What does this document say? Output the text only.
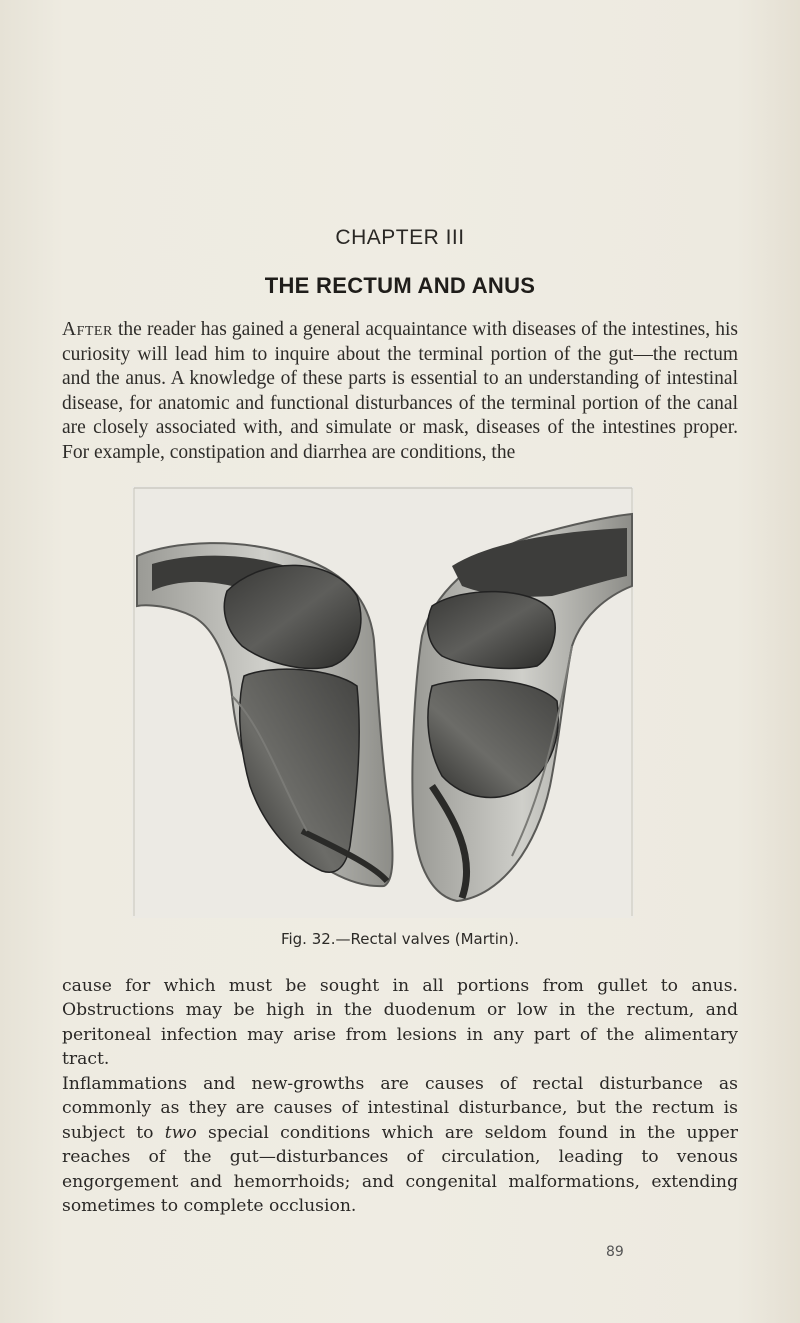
CHAPTER III
THE RECTUM AND ANUS
After the reader has gained a general acquaintance with diseases of the intestines, his curiosity will lead him to inquire about the terminal portion of the gut—the rectum and the anus. A knowledge of these parts is essential to an understanding of intestinal disease, for anatomic and functional disturbances of the terminal portion of the canal are closely associated with, and simulate or mask, diseases of the intestines proper. For example, constipation and diarrhea are conditions, the
Fig. 32.—Rectal valves (Martin).
cause for which must be sought in all portions from gullet to anus. Obstructions may be high in the duodenum or low in the rectum, and peritoneal infection may arise from lesions in any part of the alimentary tract.
Inflammations and new-growths are causes of rectal disturbance as commonly as they are causes of intestinal disturbance, but the rectum is subject to two special conditions which are seldom found in the upper reaches of the gut—disturbances of circulation, leading to venous engorgement and hemorrhoids; and congenital malformations, extending sometimes to complete occlusion.
89
